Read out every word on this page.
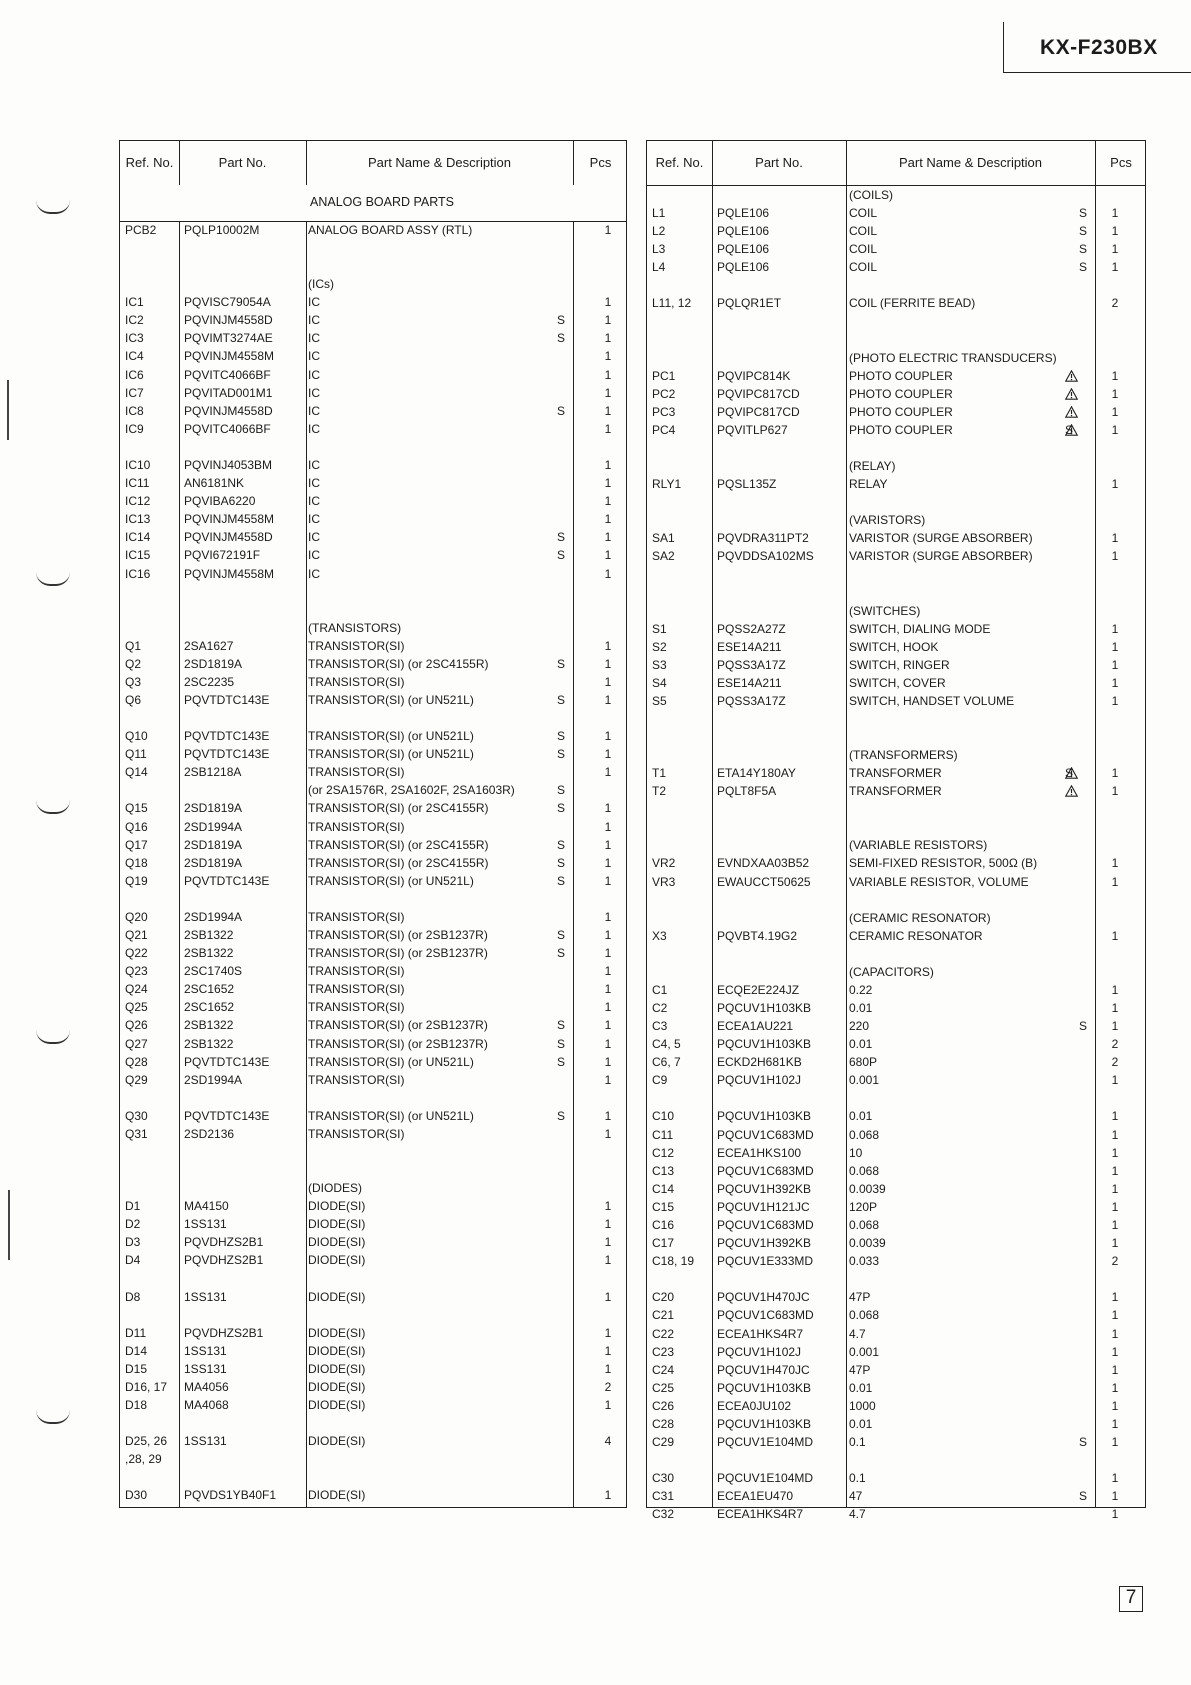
KX-F230BX
Ref. No.	Part No.	Part Name & Description	Pcs
ANALOG BOARD PARTS
PCB2 PQLP10002M	ANALOG BOARD ASSY (RTL)	1
(ICs)
IC1	PQVISC79054A	IC	1
IC2	PQVINJM4558D	IC	S	1
IC3	PQVIMT3274AE	IC	S	1
IC4	PQVINJM4558M	IC	1
IC6	PQVITC4066BF	IC	1
IC7	PQVITAD001M1	IC	1
IC8	PQVINJM4558D	IC	S	1
IC9	PQVITC4066BF	IC	1
IC10	PQVINJ4053BM	IC	1
IC11	AN6181NK	IC	1
IC12	PQVIBA6220	IC	1
IC13	PQVINJM4558M	IC	1
IC14	PQVINJM4558D	IC	S	1
IC15	PQVI672191F	IC	S	1
IC16	PQVINJM4558M	IC	1
(TRANSISTORS)
Q1	2SA1627	TRANSISTOR(SI)	1
Q2	2SD1819A	TRANSISTOR(SI) (or 2SC4155R)	S	1
Q3	2SC2235	TRANSISTOR(SI)	1
Q6	PQVTDTC143E	TRANSISTOR(SI) (or UN521L)	S	1
Q10	PQVTDTC143E	TRANSISTOR(SI) (or UN521L)	S	1
Q11	PQVTDTC143E	TRANSISTOR(SI) (or UN521L)	S	1
Q14	2SB1218A	TRANSISTOR(SI)	1
(or 2SA1576R, 2SA1602F, 2SA1603R)	S
Q15	2SD1819A	TRANSISTOR(SI) (or 2SC4155R)	S	1
Q16	2SD1994A	TRANSISTOR(SI)	1
Q17	2SD1819A	TRANSISTOR(SI) (or 2SC4155R)	S	1
Q18	2SD1819A	TRANSISTOR(SI) (or 2SC4155R)	S	1
Q19	PQVTDTC143E	TRANSISTOR(SI) (or UN521L)	S	1
Q20	2SD1994A	TRANSISTOR(SI)	1
Q21	2SB1322	TRANSISTOR(SI) (or 2SB1237R)	S	1
Q22	2SB1322	TRANSISTOR(SI) (or 2SB1237R)	S	1
Q23	2SC1740S	TRANSISTOR(SI)	1
Q24	2SC1652	TRANSISTOR(SI)	1
Q25	2SC1652	TRANSISTOR(SI)	1
Q26	2SB1322	TRANSISTOR(SI) (or 2SB1237R)	S	1
Q27	2SB1322	TRANSISTOR(SI) (or 2SB1237R)	S	1
Q28	PQVTDTC143E	TRANSISTOR(SI) (or UN521L)	S	1
Q29	2SD1994A	TRANSISTOR(SI)	1
Q30	PQVTDTC143E	TRANSISTOR(SI) (or UN521L)	S	1
Q31	2SD2136	TRANSISTOR(SI)	1
(DIODES)
D1	MA4150	DIODE(SI)	1
D2	1SS131	DIODE(SI)	1
D3	PQVDHZS2B1	DIODE(SI)	1
D4	PQVDHZS2B1	DIODE(SI)	1
D8	1SS131	DIODE(SI)	1
D11	PQVDHZS2B1	DIODE(SI)	1
D14	1SS131	DIODE(SI)	1
D15	1SS131	DIODE(SI)	1
D16, 17 MA4056	DIODE(SI)	2
D18	MA4068	DIODE(SI)	1
D25, 26 1SS131	DIODE(SI)	4
,28, 29
D30	PQVDS1YB40F1	DIODE(SI)	1
Ref. No.	Part No.	Part Name & Description	Pcs
(COILS)
L1	PQLE106	COIL	S	1
L2	PQLE106	COIL	S	1
L3	PQLE106	COIL	S	1
L4	PQLE106	COIL	S	1
L11, 12 PQLQR1ET	COIL (FERRITE BEAD)	2
(PHOTO ELECTRIC TRANSDUCERS)
PC1	PQVIPC814K	PHOTO COUPLER	1
PC2	PQVIPC817CD	PHOTO COUPLER	1
PC3	PQVIPC817CD	PHOTO COUPLER	1
PC4	PQVITLP627	PHOTO COUPLER	S	1
(RELAY)
RLY1	PQSL135Z	RELAY	1
(VARISTORS)
SA1	PQVDRA311PT2	VARISTOR (SURGE ABSORBER)	1
SA2	PQVDDSA102MS	VARISTOR (SURGE ABSORBER)	1
(SWITCHES)
S1	PQSS2A27Z	SWITCH, DIALING MODE	1
S2	ESE14A211	SWITCH, HOOK	1
S3	PQSS3A17Z	SWITCH, RINGER	1
S4	ESE14A211	SWITCH, COVER	1
S5	PQSS3A17Z	SWITCH, HANDSET VOLUME	1
(TRANSFORMERS)
T1	ETA14Y180AY	TRANSFORMER	S	1
T2	PQLT8F5A	TRANSFORMER	1
(VARIABLE RESISTORS)
VR2	EVNDXAA03B52	SEMI-FIXED RESISTOR, 500Ω (B)	1
VR3	EWAUCCT50625	VARIABLE RESISTOR, VOLUME	1
(CERAMIC RESONATOR)
X3	PQVBT4.19G2	CERAMIC RESONATOR	1
(CAPACITORS)
C1	ECQE2E224JZ	0.22	1
C2	PQCUV1H103KB	0.01	1
C3	ECEA1AU221	220	S	1
C4, 5	PQCUV1H103KB	0.01	2
C6, 7	ECKD2H681KB	680P	2
C9	PQCUV1H102J	0.001	1
C10	PQCUV1H103KB	0.01	1
C11	PQCUV1C683MD	0.068	1
C12	ECEA1HKS100	10	1
C13	PQCUV1C683MD	0.068	1
C14	PQCUV1H392KB	0.0039	1
C15	PQCUV1H121JC	120P	1
C16	PQCUV1C683MD	0.068	1
C17	PQCUV1H392KB	0.0039	1
C18, 19 PQCUV1E333MD	0.033	2
C20	PQCUV1H470JC	47P	1
C21	PQCUV1C683MD	0.068	1
C22	ECEA1HKS4R7	4.7	1
C23	PQCUV1H102J	0.001	1
C24	PQCUV1H470JC	47P	1
C25	PQCUV1H103KB	0.01	1
C26	ECEA0JU102	1000	1
C28	PQCUV1H103KB	0.01	1
C29	PQCUV1E104MD	0.1	S	1
C30	PQCUV1E104MD	0.1	1
C31	ECEA1EU470	47	S	1
C32	ECEA1HKS4R7	4.7	1
7
